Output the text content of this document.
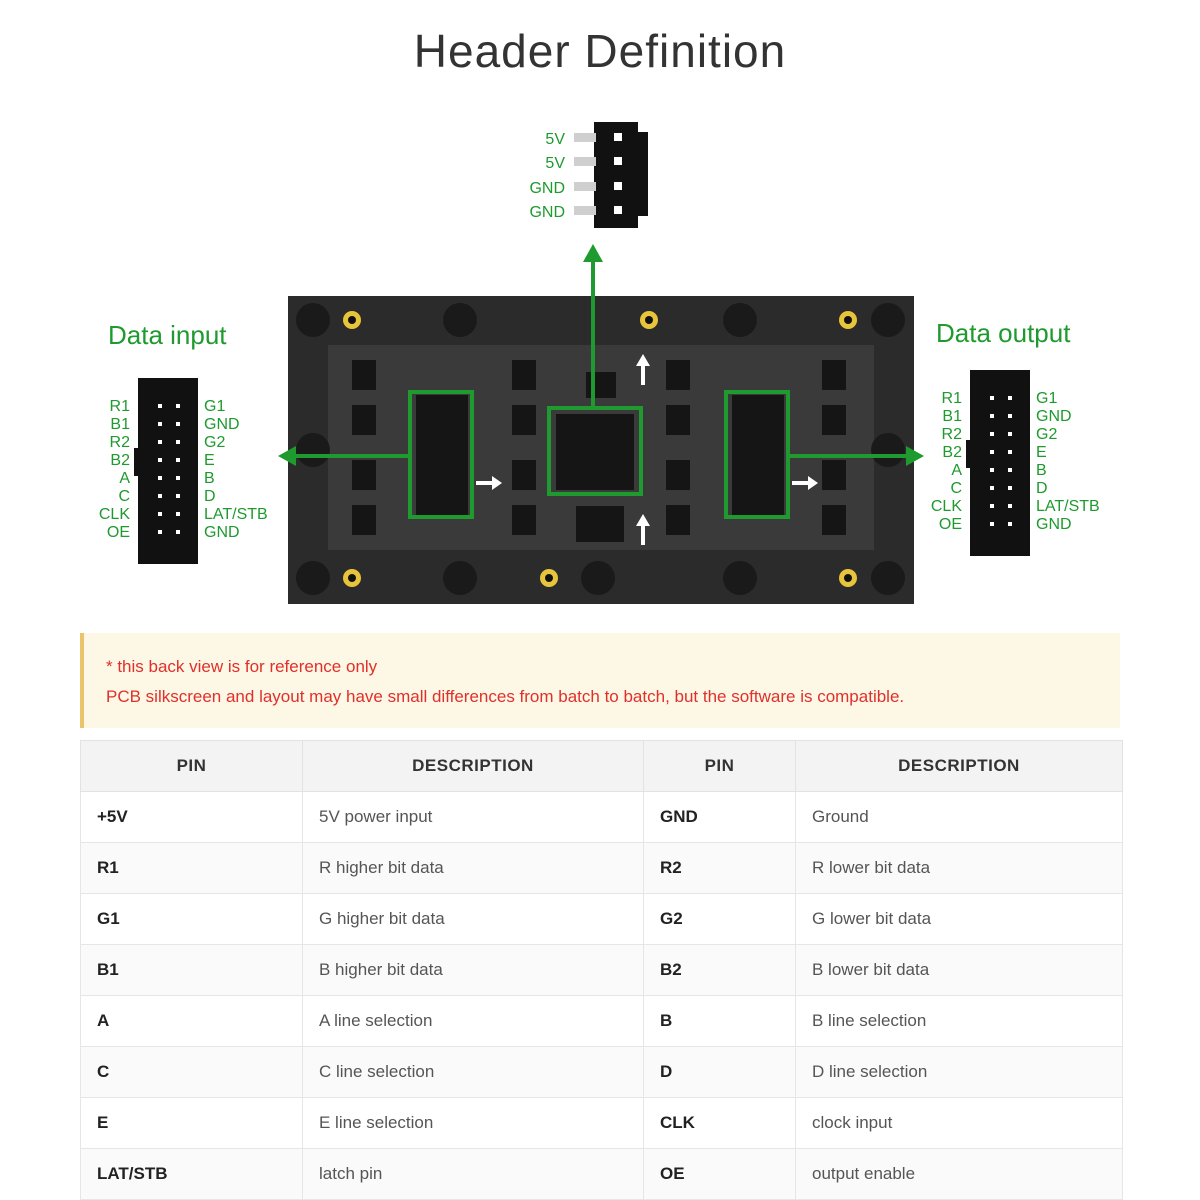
Header Definition
5V
5V
GND
GND
Data input	Data output
R1
B1
R2
B2
A
C
CLK
OE
G1
GND
G2
E
B
D
LAT/STB
GND
R1
B1
R2
B2
A
C
CLK
OE
G1
GND
G2
E
B
D
LAT/STB
GND

* this back view is for reference only

PCB silkscreen and layout may have small differences from batch to batch, but the software is compatible.

PIN	DESCRIPTION	PIN	DESCRIPTION
+5V	5V power input	GND	Ground
R1	R higher bit data	R2	R lower bit data
G1	G higher bit data	G2	G lower bit data
B1	B higher bit data	B2	B lower bit data
A	A line selection	B	B line selection
C	C line selection	D	D line selection
E	E line selection	CLK	clock input
LAT/STB	latch pin	OE	output enable
